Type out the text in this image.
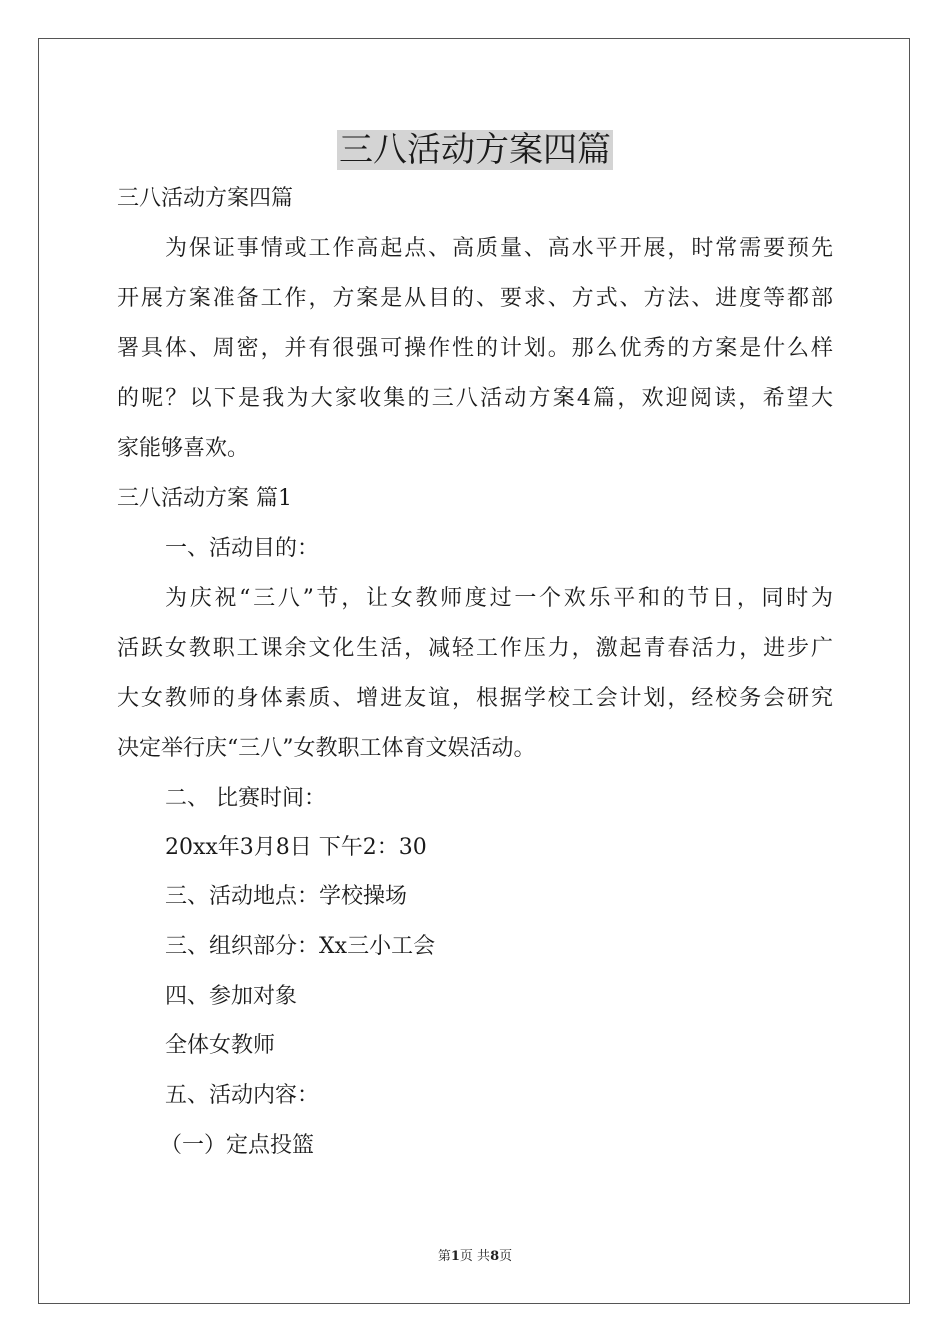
三八活动方案四篇

三八活动方案四篇

为保证事情或工作高起点、高质量、高水平开展，时常需要预先

开展方案准备工作，方案是从目的、要求、方式、方法、进度等都部

署具体、周密，并有很强可操作性的计划。那么优秀的方案是什么样

的呢？以下是我为大家收集的三八活动方案4篇，欢迎阅读，希望大

家能够喜欢。

三八活动方案 篇1

一、活动目的：

为庆祝“三八”节，让女教师度过一个欢乐平和的节日，同时为

活跃女教职工课余文化生活，减轻工作压力，激起青春活力，进步广

大女教师的身体素质、增进友谊，根据学校工会计划，经校务会研究

决定举行庆“三八”女教职工体育文娱活动。

二、 比赛时间：

20xx年3月8日 下午2：30

三、活动地点：学校操场

三、组织部分：Xx三小工会

四、参加对象

全体女教师

五、活动内容：

（一）定点投篮

第1页 共8页
